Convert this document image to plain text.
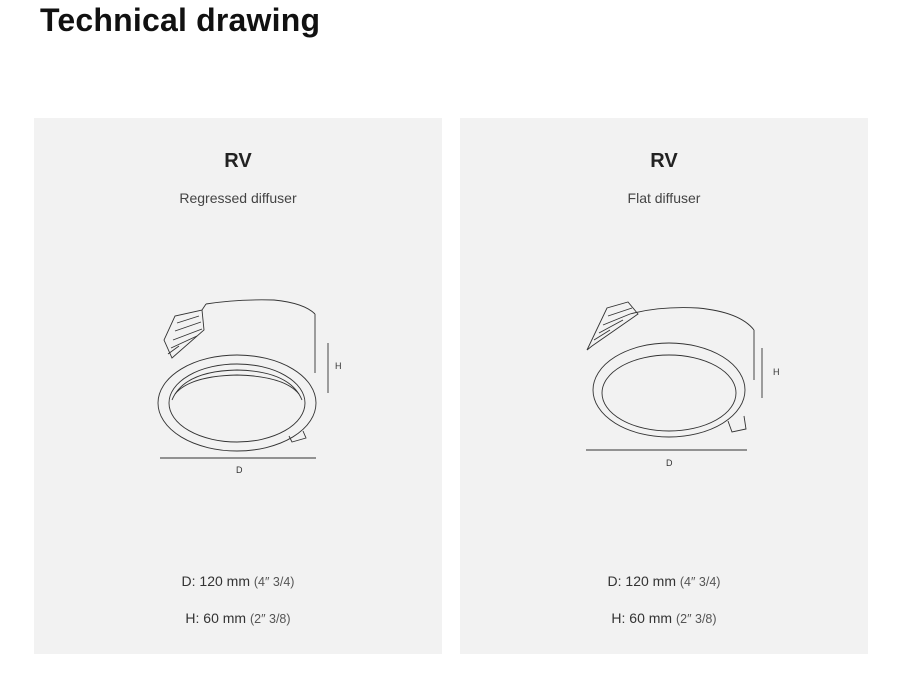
Technical drawing
RV
Regressed diffuser
H
D
D: 120 mm (4″ 3/4)
H: 60 mm (2″ 3/8)
RV
Flat diffuser
H
D
D: 120 mm (4″ 3/4)
H: 60 mm (2″ 3/8)
